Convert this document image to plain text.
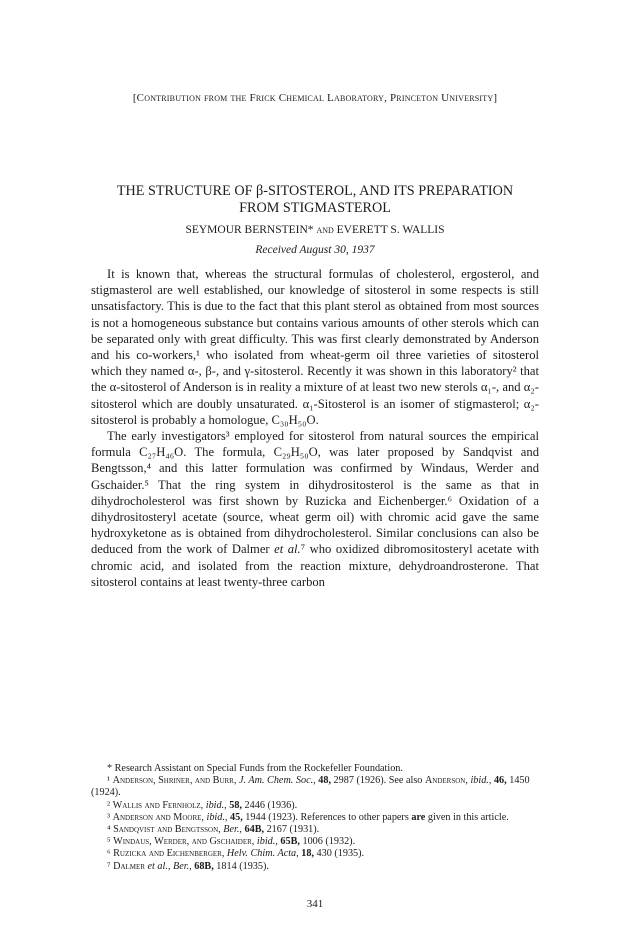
[Contribution from the Frick Chemical Laboratory, Princeton University]
THE STRUCTURE OF β-SITOSTEROL, AND ITS PREPARATION
FROM STIGMASTEROL
SEYMOUR BERNSTEIN* and EVERETT S. WALLIS
Received August 30, 1937

It is known that, whereas the structural formulas of cholesterol, ergosterol, and stigmasterol are well established, our knowledge of sitosterol in some respects is still unsatisfactory. This is due to the fact that this plant sterol as obtained from most sources is not a homogeneous substance but contains various amounts of other sterols which can be separated only with great difficulty. This was first clearly demonstrated by Anderson and his co-workers,¹ who isolated from wheat-germ oil three varieties of sitosterol which they named α-, β-, and γ-sitosterol. Recently it was shown in this laboratory² that the α-sitosterol of Anderson is in reality a mixture of at least two new sterols α₁-, and α₂-sitosterol which are doubly unsaturated. α₁-Sitosterol is an isomer of stigmasterol; α₂-sitosterol is probably a homologue, C₃₀H₅₀O.

The early investigators³ employed for sitosterol from natural sources the empirical formula C₂₇H₄₆O. The formula, C₂₉H₅₀O, was later proposed by Sandqvist and Bengtsson,⁴ and this latter formulation was confirmed by Windaus, Werder and Gschaider.⁵ That the ring system in dihydrositosterol is the same as that in dihydrocholesterol was first shown by Ruzicka and Eichenberger.⁶ Oxidation of a dihydrositosteryl acetate (source, wheat germ oil) with chromic acid gave the same hydroxyketone as is obtained from dihydrocholesterol. Similar conclusions can also be deduced from the work of Dalmer et al.⁷ who oxidized dibromositosteryl acetate with chromic acid, and isolated from the reaction mixture, dehydroandrosterone. That sitosterol contains at least twenty-three carbon

* Research Assistant on Special Funds from the Rockefeller Foundation.

¹ Anderson, Shriner, and Burr, J. Am. Chem. Soc., 48, 2987 (1926). See also Anderson, ibid., 46, 1450 (1924).

² Wallis and Fernholz, ibid., 58, 2446 (1936).

³ Anderson and Moore, ibid., 45, 1944 (1923). References to other papers are given in this article.

⁴ Sandqvist and Bengtsson, Ber., 64B, 2167 (1931).

⁵ Windaus, Werder, and Gschaider, ibid., 65B, 1006 (1932).

⁶ Ruzicka and Eichenberger, Helv. Chim. Acta, 18, 430 (1935).

⁷ Dalmer et al., Ber., 68B, 1814 (1935).

341
